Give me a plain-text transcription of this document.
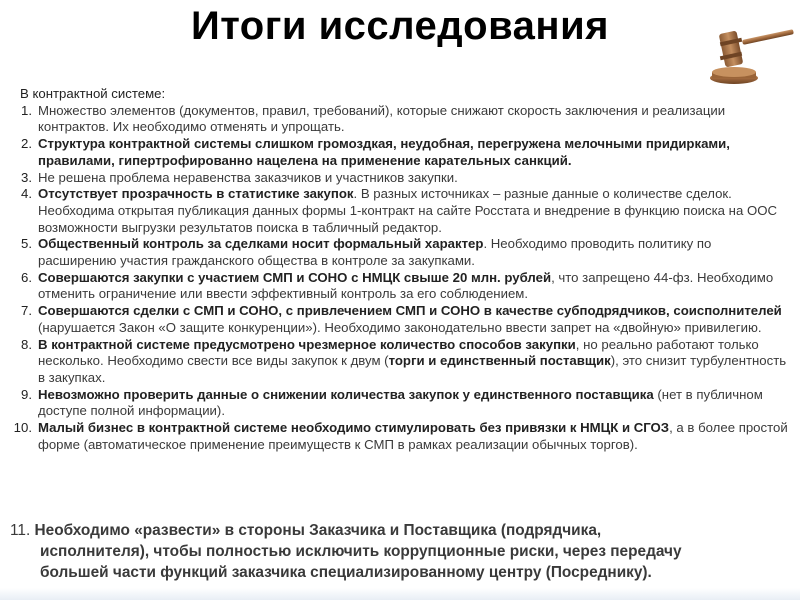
Итоги исследования
В контрактной системе:
1. Множество элементов (документов, правил, требований), которые снижают скорость заключения и реализации контрактов. Их необходимо отменять и упрощать.
2. Структура контрактной системы слишком громоздкая, неудобная, перегружена мелочными придирками, правилами, гипертрофированно нацелена на применение карательных санкций.
3. Не решена проблема неравенства заказчиков и участников закупки.
4. Отсутствует прозрачность в статистике закупок. В разных источниках – разные данные о количестве сделок. Необходима открытая публикация данных формы 1-контракт на сайте Росстата и внедрение в функцию поиска на ООС возможности выгрузки результатов поиска в табличный редактор.
5. Общественный контроль за сделками носит формальный характер. Необходимо проводить политику по расширению участия гражданского общества в контроле за закупками.
6. Совершаются закупки с участием СМП и СОНО с НМЦК свыше 20 млн. рублей, что запрещено 44-фз. Необходимо отменить ограничение или ввести эффективный контроль за его соблюдением.
7. Совершаются сделки с СМП и СОНО, с привлечением СМП и СОНО в качестве субподрядчиков, соисполнителей (нарушается Закон «О защите конкуренции»). Необходимо законодательно ввести запрет на «двойную» привилегию.
8. В контрактной системе предусмотрено чрезмерное количество способов закупки, но реально работают только несколько. Необходимо свести все виды закупок к двум (торги и единственный поставщик), это снизит турбулентность в закупках.
9. Невозможно проверить данные о снижении количества закупок у единственного поставщика (нет в публичном доступе полной информации).
10. Малый бизнес в контрактной системе необходимо стимулировать без привязки к НМЦК и СГОЗ, а в более простой форме (автоматическое применение преимуществ к СМП в рамках реализации обычных торгов).
11. Необходимо «развести» в стороны Заказчика и Поставщика (подрядчика,
исполнителя), чтобы полностью исключить коррупционные риски, через передачу
большей части функций заказчика специализированному центру (Посреднику).
